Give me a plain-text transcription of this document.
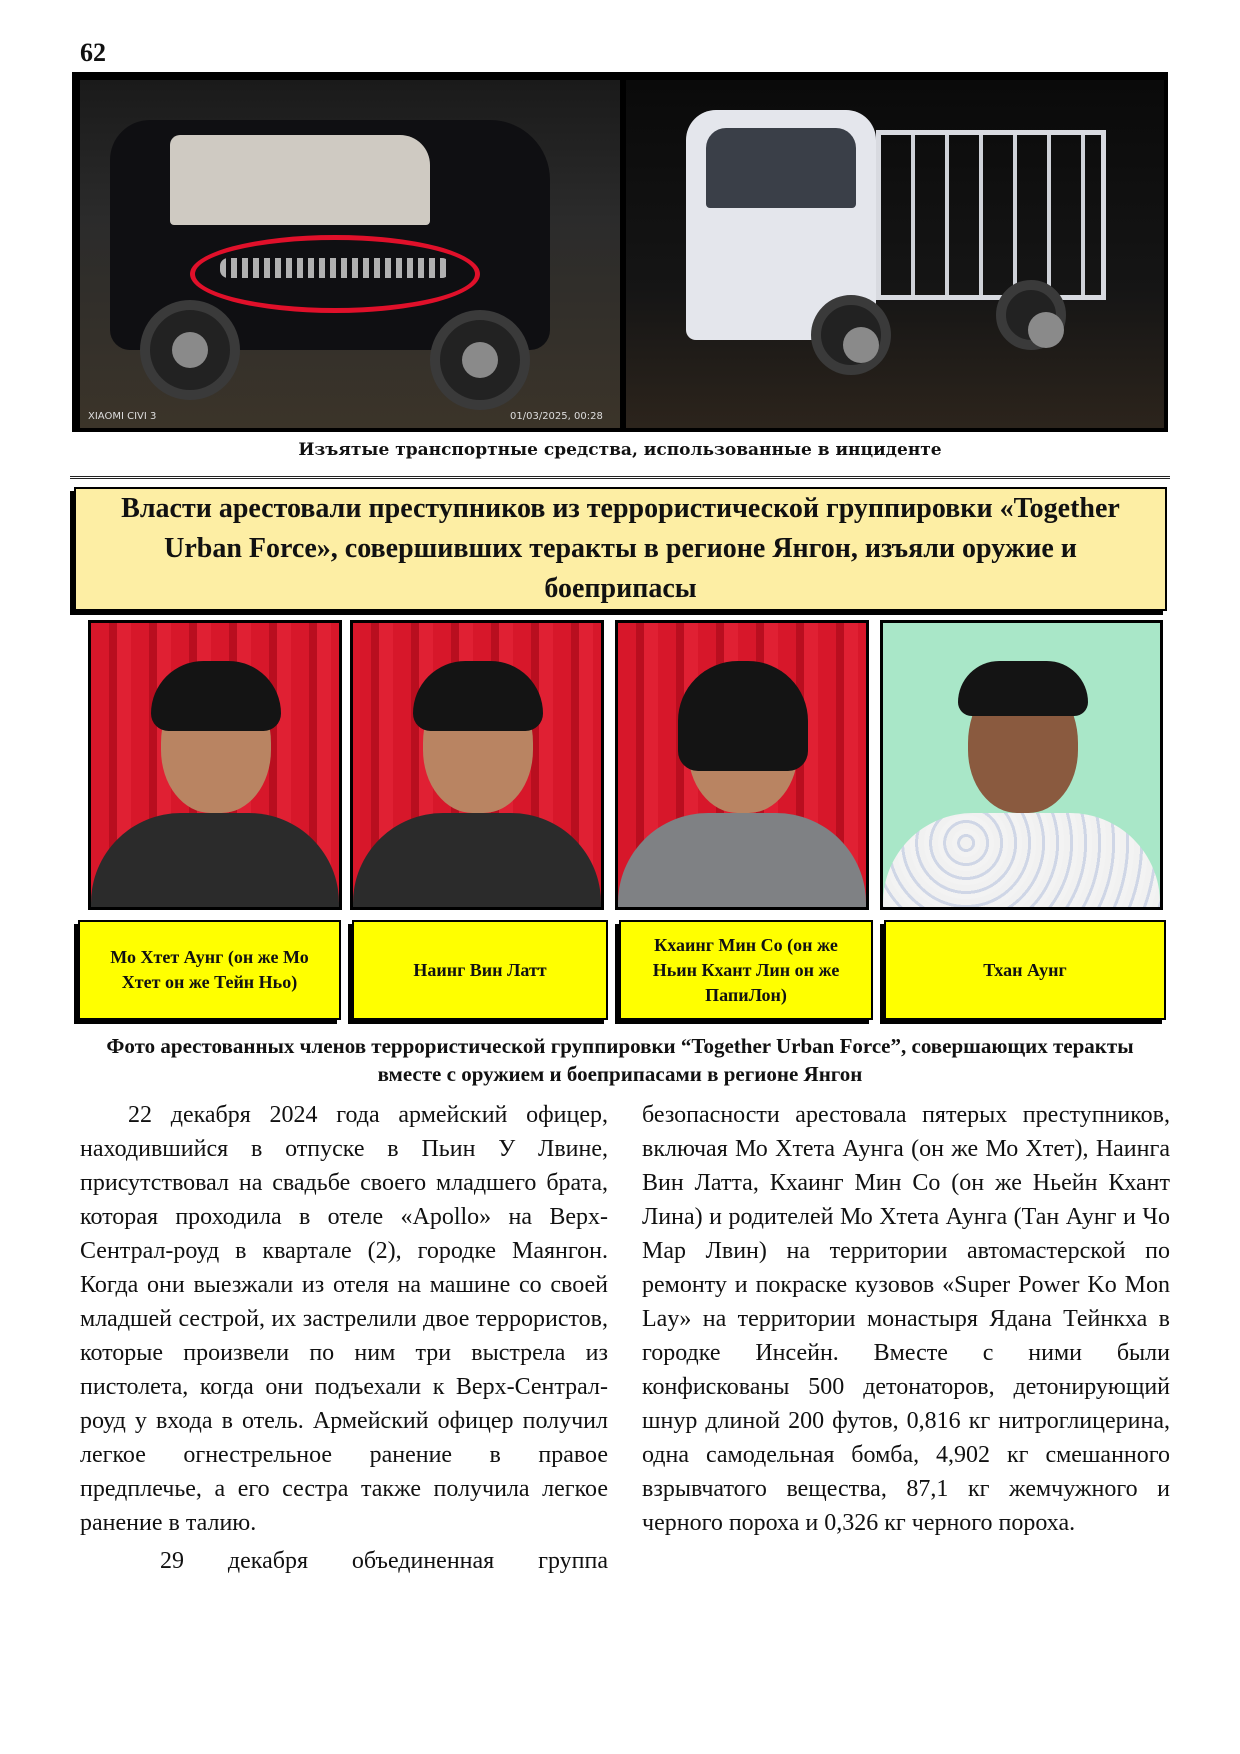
62
XIAOMI CIVI 3	01/03/2025, 00:28
Изъятые транспортные средства, использованные в инциденте
Власти арестовали преступников из террористической группировки «Together Urban Force», совершивших теракты в регионе Янгон, изъяли оружие и боеприпасы
Мо Хтет Аунг (он же Мо Хтет он же Тейн Ньо)
Наинг Вин Латт
Кхаинг Мин Со (он же Ньин Кхант Лин он же ПапиЛон)
Тхан Аунг
Фото арестованных членов террористической группировки “Together Urban Force”, совершающих теракты вместе с оружием и боеприпасами в регионе Янгон

22 декабря 2024 года армейский офицер, находившийся в отпуске в Пьин У Лвине, присутствовал на свадьбе своего младшего брата, которая проходила в отеле «Apollo» на Верх-Сентрал-роуд в квартале (2), городке Маянгон. Когда они выезжали из отеля на машине со своей младшей сестрой, их застрелили двое террористов, которые произвели по ним три выстрела из пистолета, когда они подъехали к Верх-Сентрал-роуд у входа в отель. Армейский офицер получил легкое огнестрельное ранение в правое предплечье, а его сестра также получила легкое ранение в талию.

29 декабря объединенная группа

безопасности арестовала пятерых преступников, включая Мо Хтета Аунга (он же Мо Хтет), Наинга Вин Латта, Кхаинг Мин Со (он же Ньейн Кхант Лина) и родителей Мо Хтета Аунга (Тан Аунг и Чо Мар Лвин) на территории автомастерской по ремонту и покраске кузовов «Super Power Ko Mon Lay» на территории монастыря Ядана Тейнкха в городке Инсейн. Вместе с ними были конфискованы 500 детонаторов, детонирующий шнур длиной 200 футов, 0,816 кг нитроглицерина, одна самодельная бомба, 4,902 кг смешанного взрывчатого вещества, 87,1 кг жемчужного и черного пороха и 0,326 кг черного пороха.
